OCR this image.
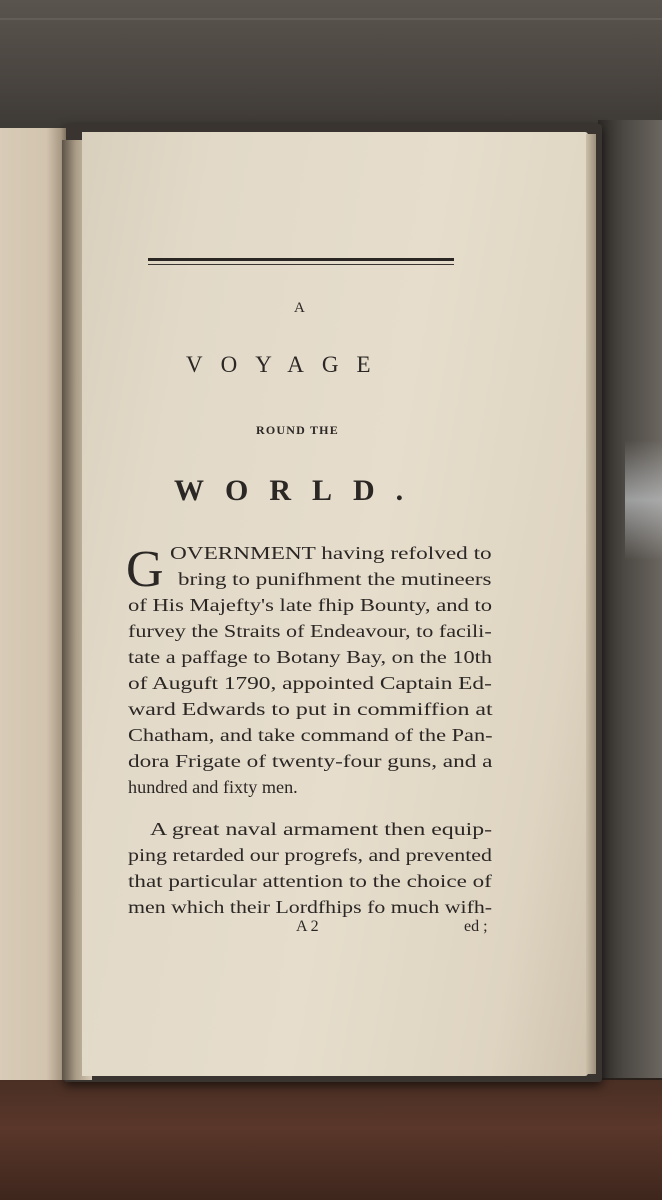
A
VOYAGE
ROUND THE
WORLD.
G OVERNMENT having refolved to
bring to punifhment the mutineers
of His Majefty's late fhip Bounty, and to
furvey the Straits of Endeavour, to facili-
tate a paffage to Botany Bay, on the 10th
of Auguft 1790, appointed Captain Ed-
ward Edwards to put in commiffion at
Chatham, and take command of the Pan-
dora Frigate of twenty-four guns, and a
hundred and fixty men.
A great naval armament then equip-
ping retarded our progrefs, and prevented
that particular attention to the choice of
men which their Lordfhips fo much wifh-
A 2	ed ;
